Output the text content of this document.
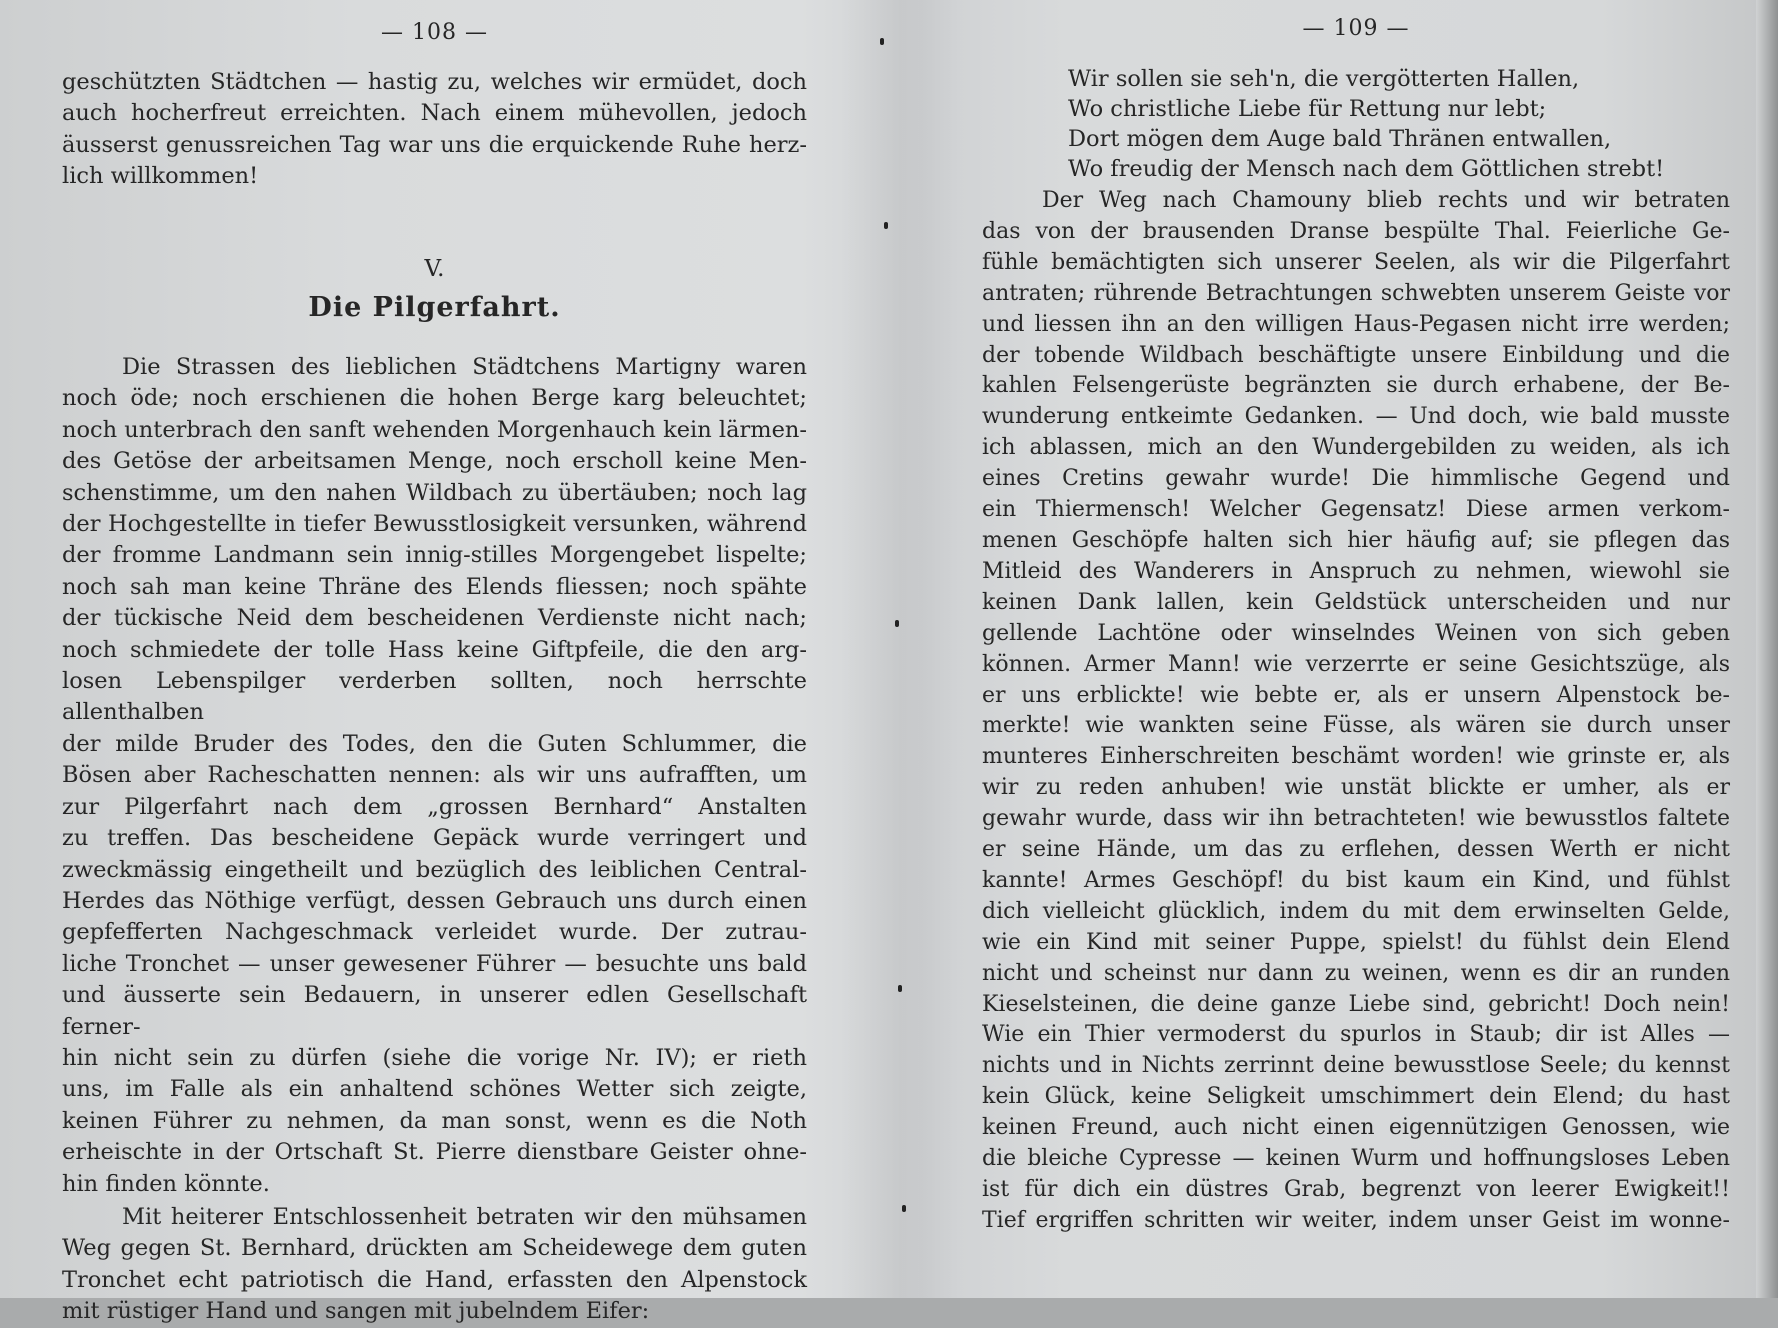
— 108 —
geschützten Städtchen — hastig zu, welches wir ermüdet, doch
auch hocherfreut erreichten. Nach einem mühevollen, jedoch
äusserst genussreichen Tag war uns die erquickende Ruhe herz-
lich willkommen!
V.
Die Pilgerfahrt.
Die Strassen des lieblichen Städtchens Martigny waren
noch öde; noch erschienen die hohen Berge karg beleuchtet;
noch unterbrach den sanft wehenden Morgenhauch kein lärmen-
des Getöse der arbeitsamen Menge, noch erscholl keine Men-
schenstimme, um den nahen Wildbach zu übertäuben; noch lag
der Hochgestellte in tiefer Bewusstlosigkeit versunken, während
der fromme Landmann sein innig-stilles Morgengebet lispelte;
noch sah man keine Thräne des Elends fliessen; noch spähte
der tückische Neid dem bescheidenen Verdienste nicht nach;
noch schmiedete der tolle Hass keine Giftpfeile, die den arg-
losen Lebenspilger verderben sollten, noch herrschte allenthalben
der milde Bruder des Todes, den die Guten Schlummer, die
Bösen aber Racheschatten nennen: als wir uns aufrafften, um
zur Pilgerfahrt nach dem „grossen Bernhard“ Anstalten
zu treffen. Das bescheidene Gepäck wurde verringert und
zweckmässig eingetheilt und bezüglich des leiblichen Central-
Herdes das Nöthige verfügt, dessen Gebrauch uns durch einen
gepfefferten Nachgeschmack verleidet wurde. Der zutrau-
liche Tronchet — unser gewesener Führer — besuchte uns bald
und äusserte sein Bedauern, in unserer edlen Gesellschaft ferner-
hin nicht sein zu dürfen (siehe die vorige Nr. IV); er rieth
uns, im Falle als ein anhaltend schönes Wetter sich zeigte,
keinen Führer zu nehmen, da man sonst, wenn es die Noth
erheischte in der Ortschaft St. Pierre dienstbare Geister ohne-
hin finden könnte.
Mit heiterer Entschlossenheit betraten wir den mühsamen
Weg gegen St. Bernhard, drückten am Scheidewege dem guten
Tronchet echt patriotisch die Hand, erfassten den Alpenstock
mit rüstiger Hand und sangen mit jubelndem Eifer:
— 109 —
Wir sollen sie seh'n, die vergötterten Hallen,
Wo christliche Liebe für Rettung nur lebt;
Dort mögen dem Auge bald Thränen entwallen,
Wo freudig der Mensch nach dem Göttlichen strebt!
Der Weg nach Chamouny blieb rechts und wir betraten
das von der brausenden Dranse bespülte Thal. Feierliche Ge-
fühle bemächtigten sich unserer Seelen, als wir die Pilgerfahrt
antraten; rührende Betrachtungen schwebten unserem Geiste vor
und liessen ihn an den willigen Haus-Pegasen nicht irre werden;
der tobende Wildbach beschäftigte unsere Einbildung und die
kahlen Felsengerüste begränzten sie durch erhabene, der Be-
wunderung entkeimte Gedanken. — Und doch, wie bald musste
ich ablassen, mich an den Wundergebilden zu weiden, als ich
eines Cretins gewahr wurde! Die himmlische Gegend und
ein Thiermensch! Welcher Gegensatz! Diese armen verkom-
menen Geschöpfe halten sich hier häufig auf; sie pflegen das
Mitleid des Wanderers in Anspruch zu nehmen, wiewohl sie
keinen Dank lallen, kein Geldstück unterscheiden und nur
gellende Lachtöne oder winselndes Weinen von sich geben
können. Armer Mann! wie verzerrte er seine Gesichtszüge, als
er uns erblickte! wie bebte er, als er unsern Alpenstock be-
merkte! wie wankten seine Füsse, als wären sie durch unser
munteres Einherschreiten beschämt worden! wie grinste er, als
wir zu reden anhuben! wie unstät blickte er umher, als er
gewahr wurde, dass wir ihn betrachteten! wie bewusstlos faltete
er seine Hände, um das zu erflehen, dessen Werth er nicht
kannte! Armes Geschöpf! du bist kaum ein Kind, und fühlst
dich vielleicht glücklich, indem du mit dem erwinselten Gelde,
wie ein Kind mit seiner Puppe, spielst! du fühlst dein Elend
nicht und scheinst nur dann zu weinen, wenn es dir an runden
Kieselsteinen, die deine ganze Liebe sind, gebricht! Doch nein!
Wie ein Thier vermoderst du spurlos in Staub; dir ist Alles —
nichts und in Nichts zerrinnt deine bewusstlose Seele; du kennst
kein Glück, keine Seligkeit umschimmert dein Elend; du hast
keinen Freund, auch nicht einen eigennützigen Genossen, wie
die bleiche Cypresse — keinen Wurm und hoffnungsloses Leben
ist für dich ein düstres Grab, begrenzt von leerer Ewigkeit!!
Tief ergriffen schritten wir weiter, indem unser Geist im wonne-
